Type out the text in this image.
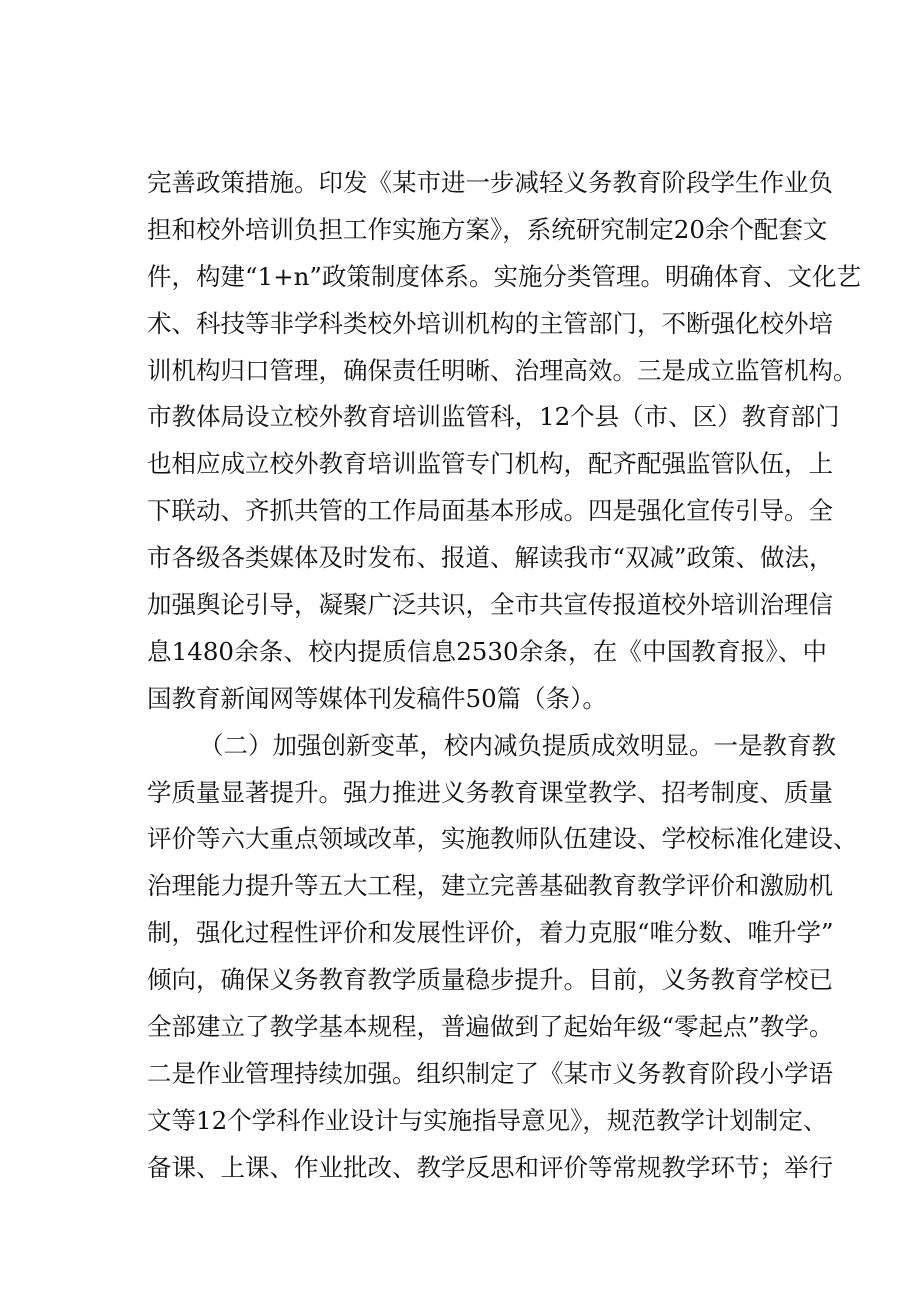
完善政策措施。印发《某市进一步减轻义务教育阶段学生作业负
担和校外培训负担工作实施方案》，系统研究制定20余个配套文
件，构建“1+n”政策制度体系。实施分类管理。明确体育、文化艺
术、科技等非学科类校外培训机构的主管部门，不断强化校外培
训机构归口管理，确保责任明晰、治理高效。三是成立监管机构。
市教体局设立校外教育培训监管科，12个县（市、区）教育部门
也相应成立校外教育培训监管专门机构，配齐配强监管队伍，上
下联动、齐抓共管的工作局面基本形成。四是强化宣传引导。全
市各级各类媒体及时发布、报道、解读我市“双减”政策、做法，
加强舆论引导，凝聚广泛共识，全市共宣传报道校外培训治理信
息1480余条、校内提质信息2530余条，在《中国教育报》、中
国教育新闻网等媒体刊发稿件50篇（条）。
（二）加强创新变革，校内减负提质成效明显。一是教育教
学质量显著提升。强力推进义务教育课堂教学、招考制度、质量
评价等六大重点领域改革，实施教师队伍建设、学校标准化建设、
治理能力提升等五大工程，建立完善基础教育教学评价和激励机
制，强化过程性评价和发展性评价，着力克服“唯分数、唯升学”
倾向，确保义务教育教学质量稳步提升。目前，义务教育学校已
全部建立了教学基本规程，普遍做到了起始年级“零起点”教学。
二是作业管理持续加强。组织制定了《某市义务教育阶段小学语
文等12个学科作业设计与实施指导意见》，规范教学计划制定、
备课、上课、作业批改、教学反思和评价等常规教学环节；举行
